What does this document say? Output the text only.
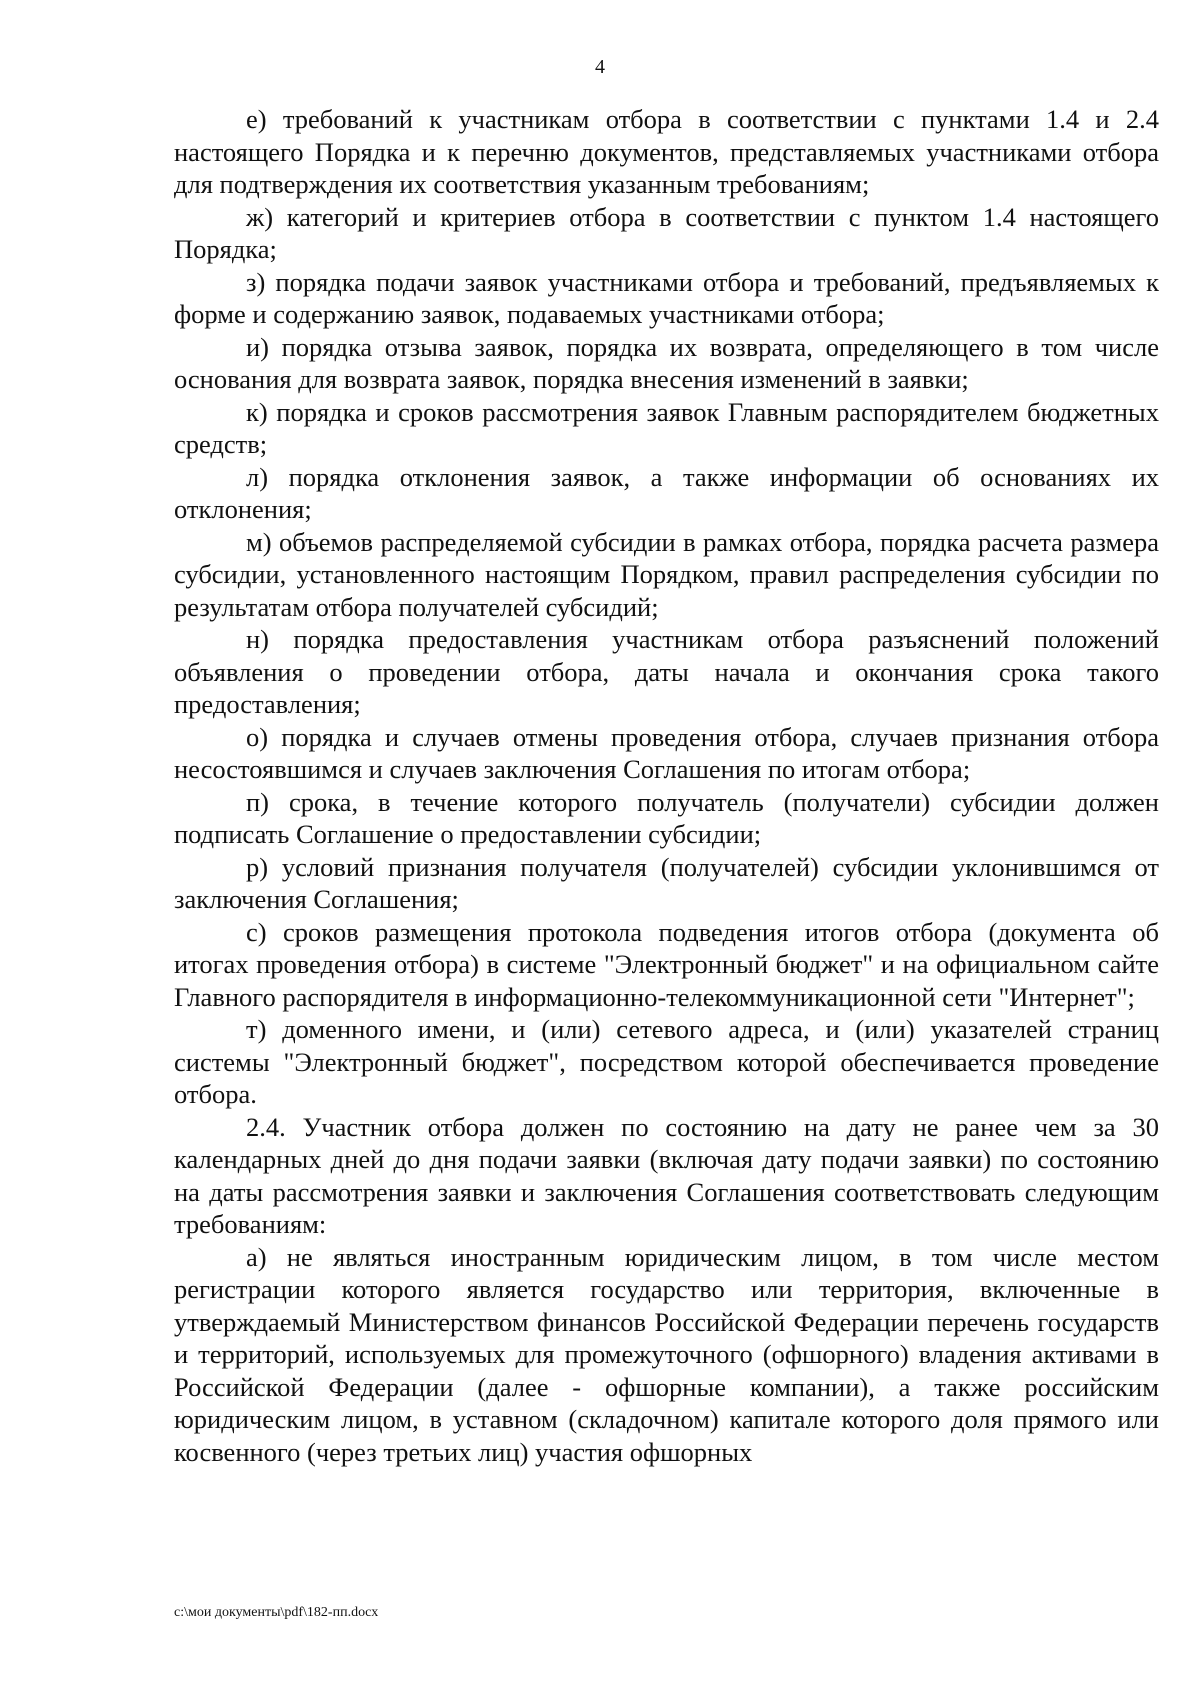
4

е) требований к участникам отбора в соответствии с пунктами 1.4 и 2.4 настоящего Порядка и к перечню документов, представляемых участниками отбора для подтверждения их соответствия указанным требованиям;

ж) категорий и критериев отбора в соответствии с пунктом 1.4 настоящего Порядка;

з) порядка подачи заявок участниками отбора и требований, предъявляемых к форме и содержанию заявок, подаваемых участниками отбора;

и) порядка отзыва заявок, порядка их возврата, определяющего в том числе основания для возврата заявок, порядка внесения изменений в заявки;

к) порядка и сроков рассмотрения заявок Главным распорядителем бюджетных средств;

л) порядка отклонения заявок, а также информации об основаниях их отклонения;

м) объемов распределяемой субсидии в рамках отбора, порядка расчета размера субсидии, установленного настоящим Порядком, правил распределения субсидии по результатам отбора получателей субсидий;

н) порядка предоставления участникам отбора разъяснений положений объявления о проведении отбора, даты начала и окончания срока такого предоставления;

о) порядка и случаев отмены проведения отбора, случаев признания отбора несостоявшимся и случаев заключения Соглашения по итогам отбора;

п) срока, в течение которого получатель (получатели) субсидии должен подписать Соглашение о предоставлении субсидии;

р) условий признания получателя (получателей) субсидии уклонившимся от заключения Соглашения;

с) сроков размещения протокола подведения итогов отбора (документа об итогах проведения отбора) в системе "Электронный бюджет" и на официальном сайте Главного распорядителя в информационно-телекоммуникационной сети "Интернет";

т) доменного имени, и (или) сетевого адреса, и (или) указателей страниц системы "Электронный бюджет", посредством которой обеспечивается проведение отбора.

2.4. Участник отбора должен по состоянию на дату не ранее чем за 30 календарных дней до дня подачи заявки (включая дату подачи заявки) по состоянию на даты рассмотрения заявки и заключения Соглашения соответствовать следующим требованиям:

а) не являться иностранным юридическим лицом, в том числе местом регистрации которого является государство или территория, включенные в утверждаемый Министерством финансов Российской Федерации перечень государств и территорий, используемых для промежуточного (офшорного) владения активами в Российской Федерации (далее - офшорные компании), а также российским юридическим лицом, в уставном (складочном) капитале которого доля прямого или косвенного (через третьих лиц) участия офшорных

c:\мои документы\pdf\182-пп.docx
